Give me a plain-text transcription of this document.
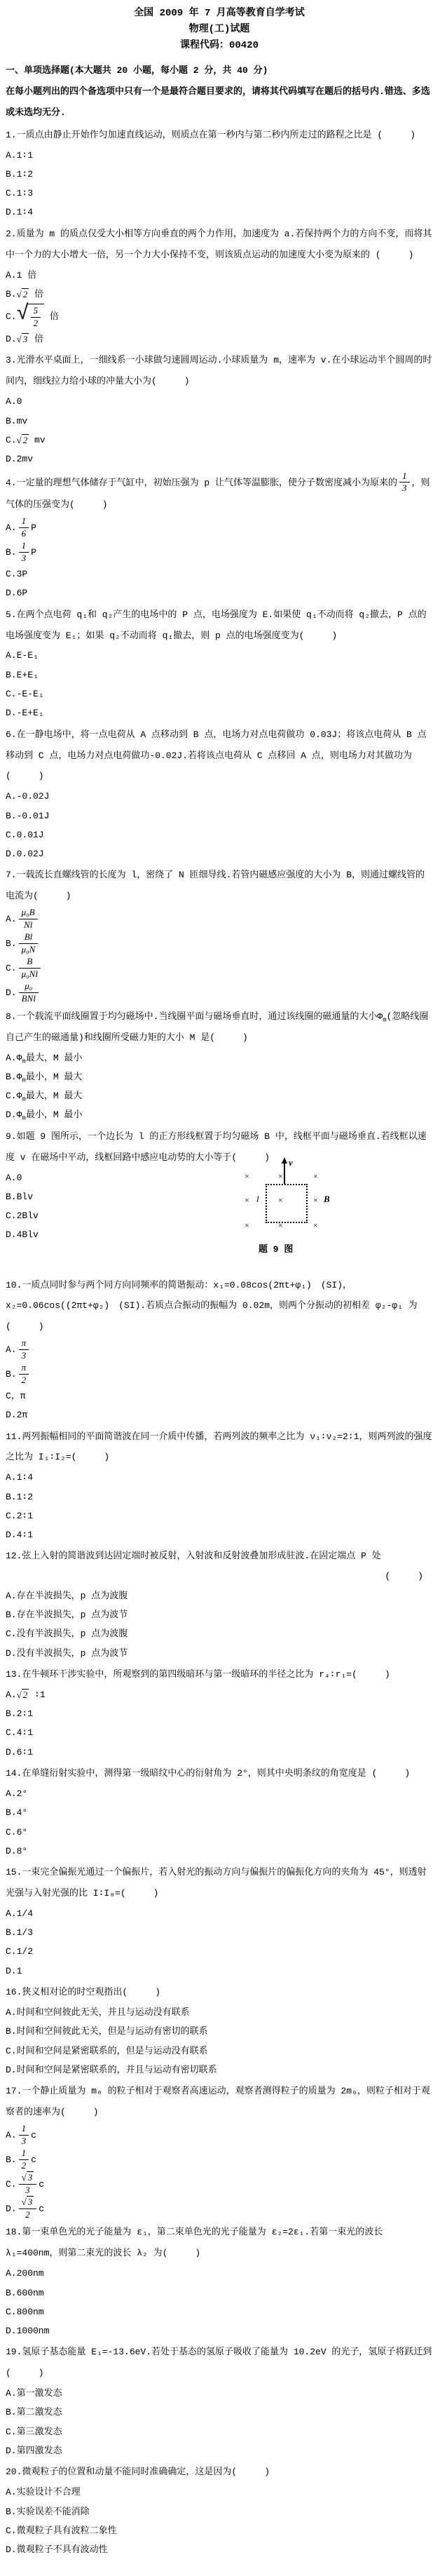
全国 2009 年 7 月高等教育自学考试
物理(工)试题
课程代码：00420
一、单项选择题(本大题共 20 小题，每小题 2 分，共 40 分)
在每小题列出的四个备选项中只有一个是最符合题目要求的，请将其代码填写在题后的括号内.错选、多选或未选均无分.
1.一质点由静止开始作匀加速直线运动，则质点在第一秒内与第二秒内所走过的路程之比是 (　　　)
A.1∶1
B.1∶2
C.1∶3
D.1∶4
2.质量为 m 的质点仅受大小相等方向垂直的两个力作用，加速度为 a.若保持两个力的方向不变，而将其中一个力的大小增大一倍，另一个力大小保持不变，则该质点运动的加速度大小变为原来的 (　　　)
A.1 倍
B.√ 2 倍
C. √ $\frac{5}{2}$ 倍
D.√ 3 倍
3.光滑水平桌面上，一细线系一小球做匀速圆周运动.小球质量为 m，速率为 v.在小球运动半个圆周的时间内，细线拉力给小球的冲量大小为(　　　)
A.0
B.mv
C.√ 2 mv
D.2mv
4.一定量的理想气体储存于气缸中，初始压强为 p 让气体等温膨胀，使分子数密度减小为原来的 $\frac{1}{3}$ ，则气体的压强变为(　　　)
A. $\frac{1}{6}$ P
B. $\frac{1}{3}$ P
C.3P
D.6P
5.在两个点电荷 q₁和 q₂产生的电场中的 P 点，电场强度为 E.如果使 q₁不动而将 q₂撤去，P 点的电场强度变为 E₁；如果 q₂不动而将 q₁撤去，则 p 点的电场强度变为(　　　)
A.E-E₁
B.E+E₁
C.-E-E₁
D.-E+E₁
6.在一静电场中，将一点电荷从 A 点移动到 B 点，电场力对点电荷做功 0.03J；将该点电荷从 B 点移动到 C 点，电场力对点电荷做功-0.02J.若将该点电荷从 C 点移回 A 点，则电场力对其做功为(　　　)
A.-0.02J
B.-0.01J
C.0.01J
D.0.02J
7.一载流长直螺线管的长度为 l，密绕了 N 匝细导线.若管内磁感应强度的大小为 B，则通过螺线管的电流为(　　　)
A. $\frac{\text{μ₀B}}{Nl}$
B. $\frac{Bl}{\text{μ₀N}}$
C. $\frac{B}{\text{μ₀Nl}}$
D. $\frac{\text{μ₀}}{\text{BNl}}$
8.一个载流平面线圈置于均匀磁场中.当线圈平面与磁场垂直时，通过该线圈的磁通量的大小$\Phi_m$(忽略线圈自己产生的磁通量)和线圈所受磁力矩的大小 M 是(　　　)
$A.\Phi_m$最大，M 最小
$B.\Phi_m$最小，M 最大
$C.\Phi_m$最大，M 最大
$D.\Phi_m$最小，M 最小
9.如题 9 图所示，一个边长为 l 的正方形线框置于均匀磁场 B 中，线框平面与磁场垂直.若线框以速度 v 在磁场中平动，线框回路中感应电动势的大小等于(　　　)
×	×	×
×	×	×
×	×	×
v
l	B
题 9 图
A.0
B.Blv
C.2Blv
D.4Blv
10.一质点同时参与两个同方向同频率的简谐振动：x₁=0.08cos(2πt+φ₁)　(SI)，x₂=0.06cos((2πt+φ₂)　(SI).若质点合振动的振幅为 0.02m，则两个分振动的初相差 φ₂-φ₁ 为 (　　　)
A. $\frac{\pi}{3}$
B. $\frac{\pi}{2}$
C，π
D.2π
11.两列振幅相同的平面简谐波在同一介质中传播，若两列波的频率之比为 ν₁∶ν₂=2∶1，则两列波的强度之比为 I₁∶I₂=(　　　)
A.1∶4
B.1∶2
C.2∶1
D.4∶1
12.弦上入射的简谐波到达固定端时被反射，入射波和反射波叠加形成驻波.在固定端点 P 处
(　　　)
A.存在半波损失，p 点为波腹
B.存在半波损失，p 点为波节
C.没有半波损失，p 点为波腹
D.没有半波损失，p 点为波节
13.在牛顿环干涉实验中，所观察到的第四级暗环与第一级暗环的半径之比为 r₄∶r₁=(　　　)
A.√ 2 ∶1
B.2∶1
C.4∶1
D.6∶1
14.在单缝衍射实验中，测得第一级暗纹中心的衍射角为 2°，则其中央明条纹的角宽度是 (　　　)
A.2°
B.4°
C.6°
D.8°
15.一束完全偏振光通过一个偏振片，若入射光的振动方向与偏振片的偏振化方向的夹角为 45°，则透射光强与入射光强的比 I∶I₀=(　　　)
A.1/4
B.1/3
C.1/2
D.1
16.狭义相对论的时空观指出(　　　)
A.时间和空间彼此无关，并且与运动没有联系
B.时间和空间彼此无关，但是与运动有密切的联系
C.时间和空间是紧密联系的，但是与运动没有联系
D.时间和空间是紧密联系的，并且与运动有密切联系
17.一个静止质量为 m₀ 的粒子相对于观察者高速运动，观察者测得粒子的质量为 2m₀，则粒子相对于观察者的速率为(　　　)
A. $\frac{1}{3}$ c
B. $\frac{1}{2}$ c
C. $\frac{√ 3}{3}$ c
D. $\frac{√ 3}{2}$ c
18.第一束单色光的光子能量为 ε₁，第二束单色光的光子能量为 ε₂=2ε₁.若第一束光的波长 λ₁=400nm，则第二束光的波长 λ₂ 为(　　　)
A.200nm
B.600nm
C.800nm
D.1000nm
19.氢原子基态能量 E₁=-13.6eV.若处于基态的氢原子吸收了能量为 10.2eV 的光子，氢原子将跃迁到 (　　　)
A.第一激发态
B.第二激发态
C.第三激发态
D.第四激发态
20.微观粒子的位置和动量不能同时准确确定，这是因为(　　　)
A.实验设计不合理
B.实验误差不能消除
C.微观粒子具有波粒二象性
D.微观粒子不具有波动性
